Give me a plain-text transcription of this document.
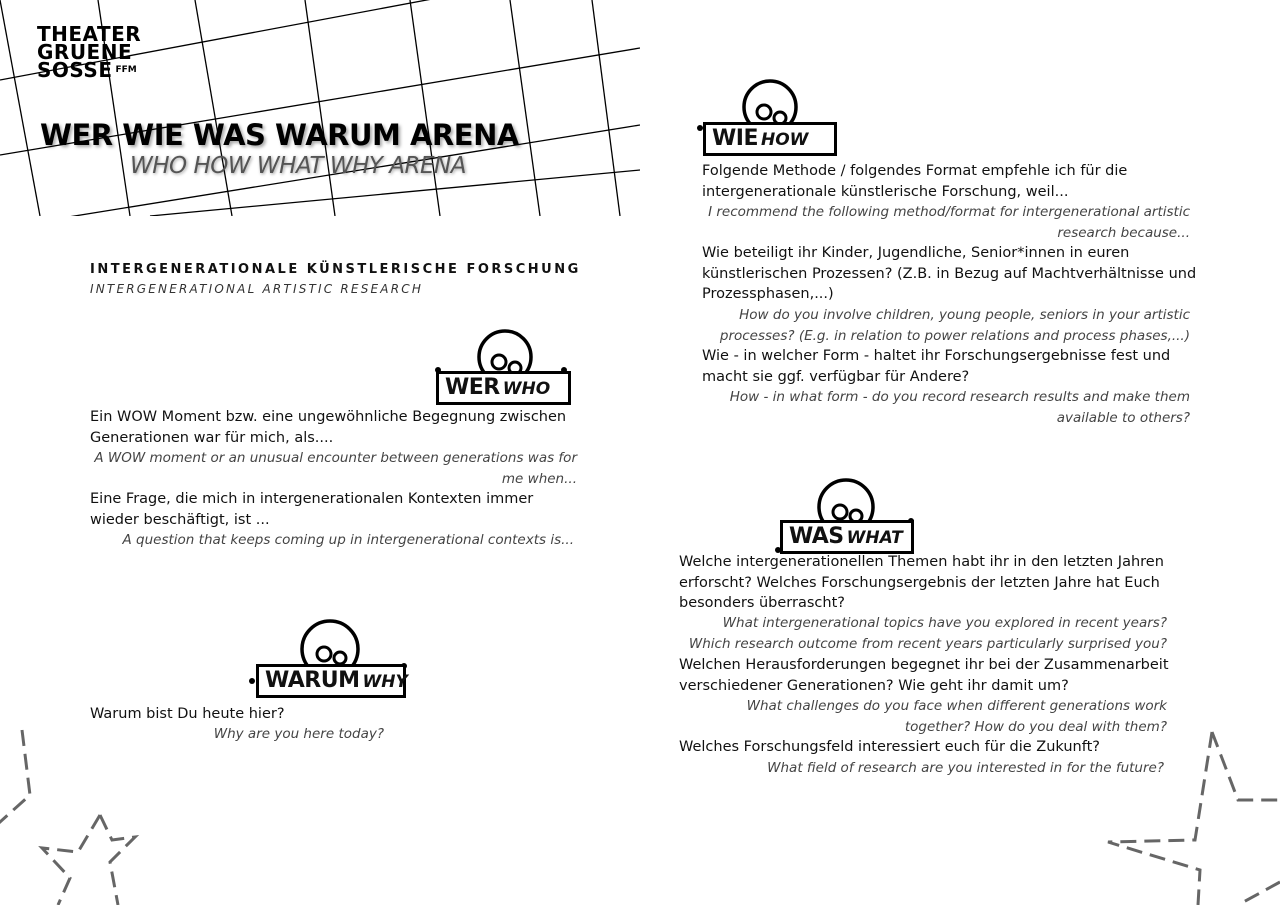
THEATER
GRUENE
SOSSE $^{FFM}$
WER WIE WAS WARUM ARENA
WHO HOW WHAT WHY ARENA
INTERGENERATIONALE KÜNSTLERISCHE FORSCHUNG
INTERGENERATIONAL ARTISTIC RESEARCH
WER WHO
Ein WOW Moment bzw. eine ungewöhnliche Begegnung zwischen Generationen war für mich, als....
A WOW moment or an unusual encounter between generations was for me when...
Eine Frage, die mich in intergenerationalen Kontexten immer wieder beschäftigt, ist ...
A question that keeps coming up in intergenerational contexts is...
WARUM WHY
Warum bist Du heute hier?
Why are you here today?
WIE HOW
Folgende Methode / folgendes Format empfehle ich für die intergenerationale künstlerische Forschung, weil...
I recommend the following method/format for intergenerational artistic research because...
Wie beteiligt ihr Kinder, Jugendliche, Senior*innen in euren künstlerischen Prozessen? (Z.B. in Bezug auf Machtverhältnisse und Prozessphasen,...)
How do you involve children, young people, seniors in your artistic processes? (E.g. in relation to power relations and process phases,...)
Wie - in welcher Form - haltet ihr Forschungsergebnisse fest und macht sie ggf. verfügbar für Andere?
How - in what form - do you record research results and make them available to others?
WAS WHAT
Welche intergenerationellen Themen habt ihr in den letzten Jahren erforscht? Welches Forschungsergebnis der letzten Jahre hat Euch besonders überrascht?
What intergenerational topics have you explored in recent years? Which research outcome from recent years particularly surprised you?
Welchen Herausforderungen begegnet ihr bei der Zusammenarbeit verschiedener Generationen? Wie geht ihr damit um?
What challenges do you face when different generations work together? How do you deal with them?
Welches Forschungsfeld interessiert euch für die Zukunft?
What field of research are you interested in for the future?
